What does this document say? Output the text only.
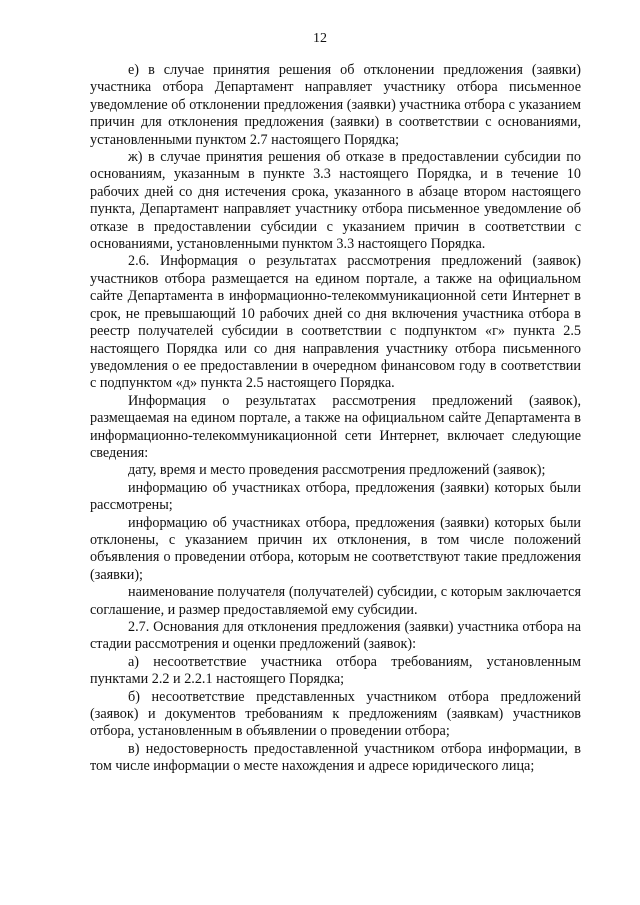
12

е) в случае принятия решения об отклонении предложения (заявки) участника отбора Департамент направляет участнику отбора письменное уведомление об отклонении предложения (заявки) участника отбора с указанием причин для отклонения предложения (заявки) в соответствии с основаниями, установленными пунктом 2.7 настоящего Порядка;

ж) в случае принятия решения об отказе в предоставлении субсидии по основаниям, указанным в пункте 3.3 настоящего Порядка, и в течение 10 рабочих дней со дня истечения срока, указанного в абзаце втором настоящего пункта, Департамент направляет участнику отбора письменное уведомление об отказе в предоставлении субсидии с указанием причин в соответствии с основаниями, установленными пунктом 3.3 настоящего Порядка.

2.6. Информация о результатах рассмотрения предложений (заявок) участников отбора размещается на едином портале, а также на официальном сайте Департамента в информационно-телекоммуникационной сети Интернет в срок, не превышающий 10 рабочих дней со дня включения участника отбора в реестр получателей субсидии в соответствии с подпунктом «г» пункта 2.5 настоящего Порядка или со дня направления участнику отбора письменного уведомления о ее предоставлении в очередном финансовом году в соответствии с подпунктом «д» пункта 2.5 настоящего Порядка.

Информация о результатах рассмотрения предложений (заявок), размещаемая на едином портале, а также на официальном сайте Департамента в информационно-телекоммуникационной сети Интернет, включает следующие сведения:

дату, время и место проведения рассмотрения предложений (заявок);

информацию об участниках отбора, предложения (заявки) которых были рассмотрены;

информацию об участниках отбора, предложения (заявки) которых были отклонены, с указанием причин их отклонения, в том числе положений объявления о проведении отбора, которым не соответствуют такие предложения (заявки);

наименование получателя (получателей) субсидии, с которым заключается соглашение, и размер предоставляемой ему субсидии.

2.7. Основания для отклонения предложения (заявки) участника отбора на стадии рассмотрения и оценки предложений (заявок):

а) несоответствие участника отбора требованиям, установленным пунктами 2.2 и 2.2.1 настоящего Порядка;

б) несоответствие представленных участником отбора предложений (заявок) и документов требованиям к предложениям (заявкам) участников отбора, установленным в объявлении о проведении отбора;

в) недостоверность предоставленной участником отбора информации, в том числе информации о месте нахождения и адресе юридического лица;
